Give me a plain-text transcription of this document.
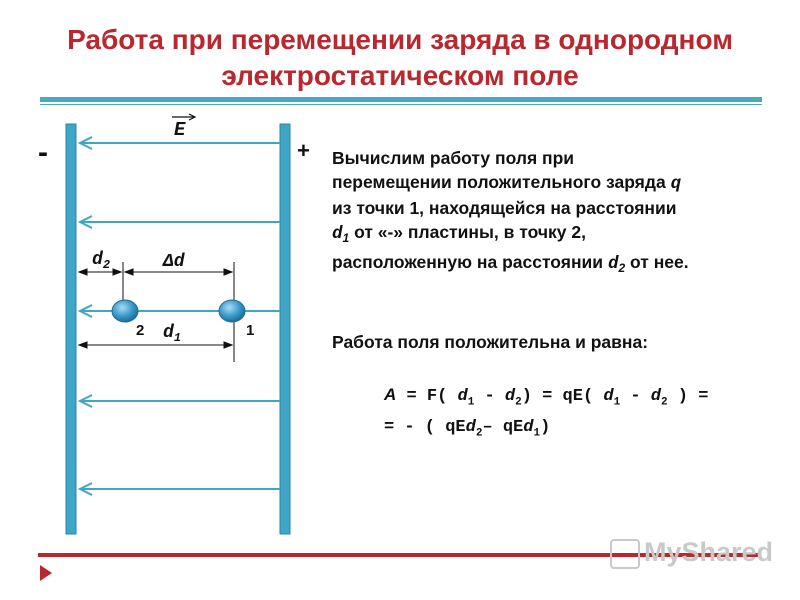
Работа при перемещении заряда в однородном
электростатическом поле
-	+
E
$d_2$	Δd
2	1
$d_1$
Вычислим работу поля при
перемещении положительного заряда q
из точки 1, находящейся на расстоянии
$d_1$ от «-» пластины, в точку 2,
расположенную на расстоянии $d_2$ от нее.
Работа поля положительна и равна:
A = F( $d_1 - d_2) = qE$( $d_1 - d_2$ ) =
= - ( qEd$_2$– qEd$_1$)
MyShared
